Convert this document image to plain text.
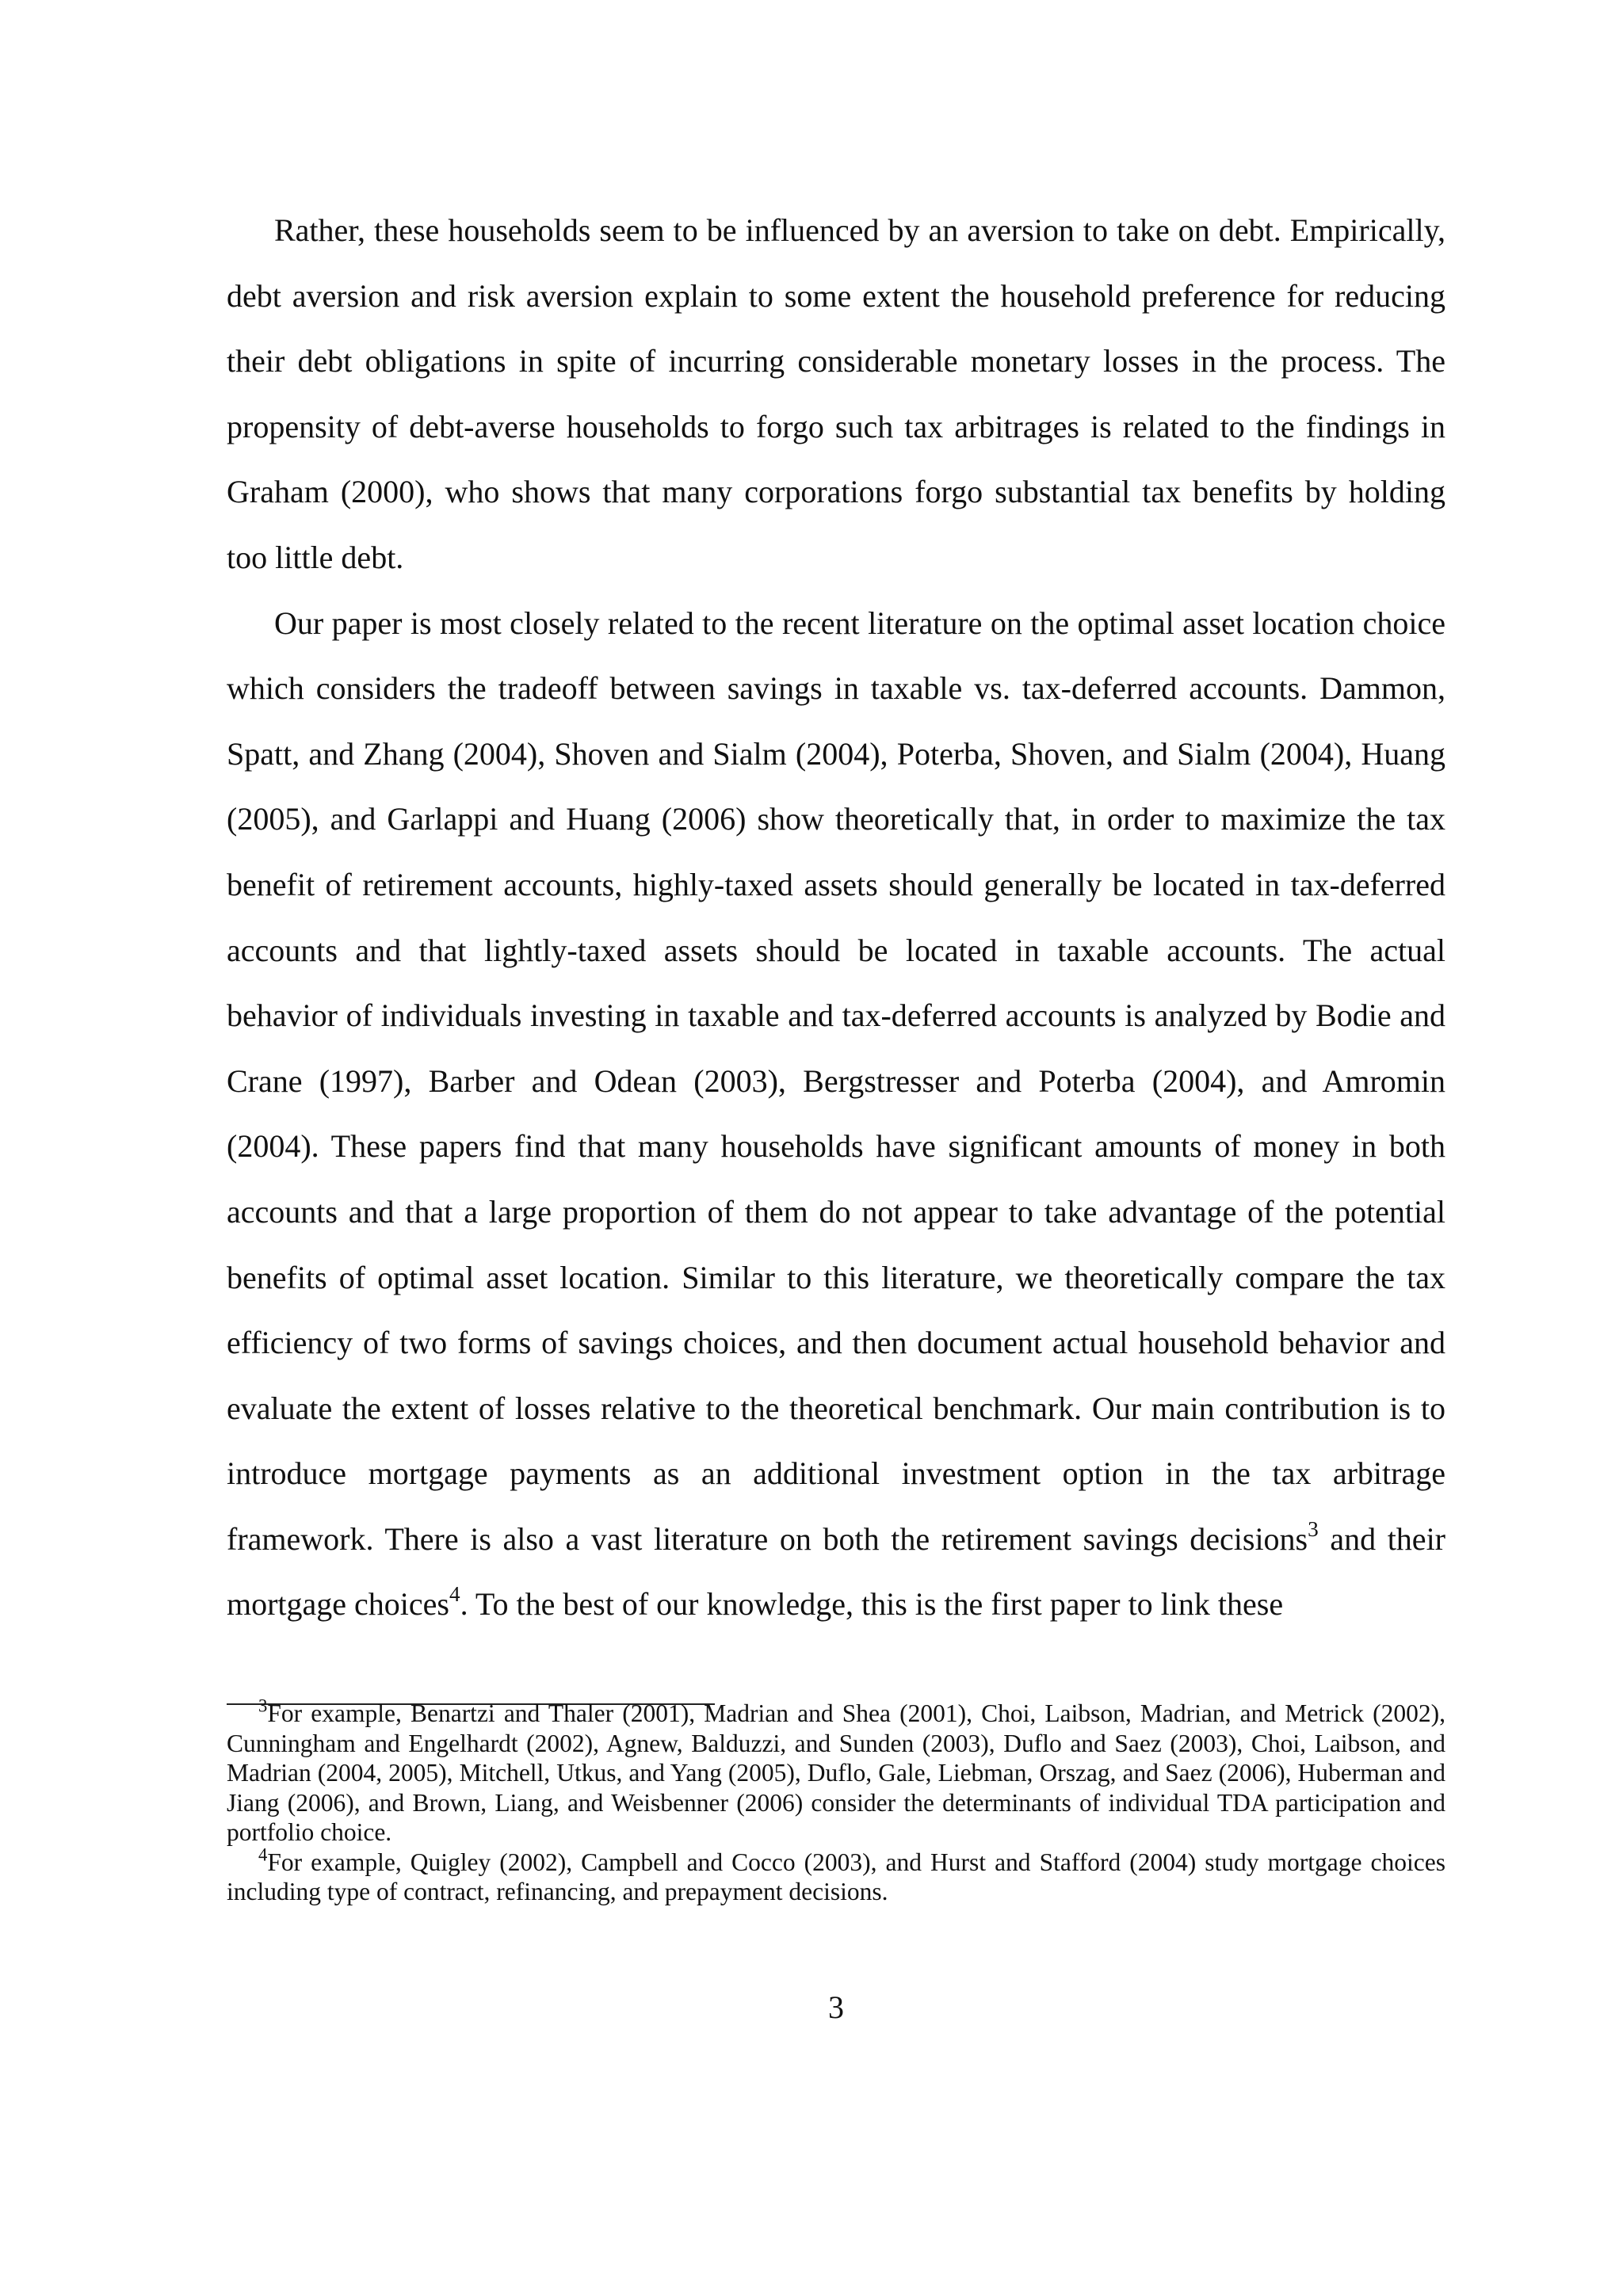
Rather, these households seem to be influenced by an aversion to take on debt. Empirically, debt aversion and risk aversion explain to some extent the household preference for reducing their debt obligations in spite of incurring considerable monetary losses in the process. The propensity of debt-averse households to forgo such tax arbitrages is related to the findings in Graham (2000), who shows that many corporations forgo substantial tax benefits by holding too little debt.

Our paper is most closely related to the recent literature on the optimal asset location choice which considers the tradeoff between savings in taxable vs. tax-deferred accounts. Dammon, Spatt, and Zhang (2004), Shoven and Sialm (2004), Poterba, Shoven, and Sialm (2004), Huang (2005), and Garlappi and Huang (2006) show theoretically that, in order to maximize the tax benefit of retirement accounts, highly-taxed assets should generally be located in tax-deferred accounts and that lightly-taxed assets should be located in taxable accounts. The actual behavior of individuals investing in taxable and tax-deferred accounts is analyzed by Bodie and Crane (1997), Barber and Odean (2003), Bergstresser and Poterba (2004), and Amromin (2004). These papers find that many households have significant amounts of money in both accounts and that a large proportion of them do not appear to take advantage of the potential benefits of optimal asset location. Similar to this literature, we theoretically compare the tax efficiency of two forms of savings choices, and then document actual household behavior and evaluate the extent of losses relative to the theoretical benchmark. Our main contribution is to introduce mortgage payments as an additional investment option in the tax arbitrage framework. There is also a vast literature on both the retirement savings decisions$^3$ and their mortgage choices$^4$. To the best of our knowledge, this is the first paper to link these

$^3$For example, Benartzi and Thaler (2001), Madrian and Shea (2001), Choi, Laibson, Madrian, and Metrick (2002), Cunningham and Engelhardt (2002), Agnew, Balduzzi, and Sunden (2003), Duflo and Saez (2003), Choi, Laibson, and Madrian (2004, 2005), Mitchell, Utkus, and Yang (2005), Duflo, Gale, Liebman, Orszag, and Saez (2006), Huberman and Jiang (2006), and Brown, Liang, and Weisbenner (2006) consider the determinants of individual TDA participation and portfolio choice.

$^4$For example, Quigley (2002), Campbell and Cocco (2003), and Hurst and Stafford (2004) study mortgage choices including type of contract, refinancing, and prepayment decisions.

3
